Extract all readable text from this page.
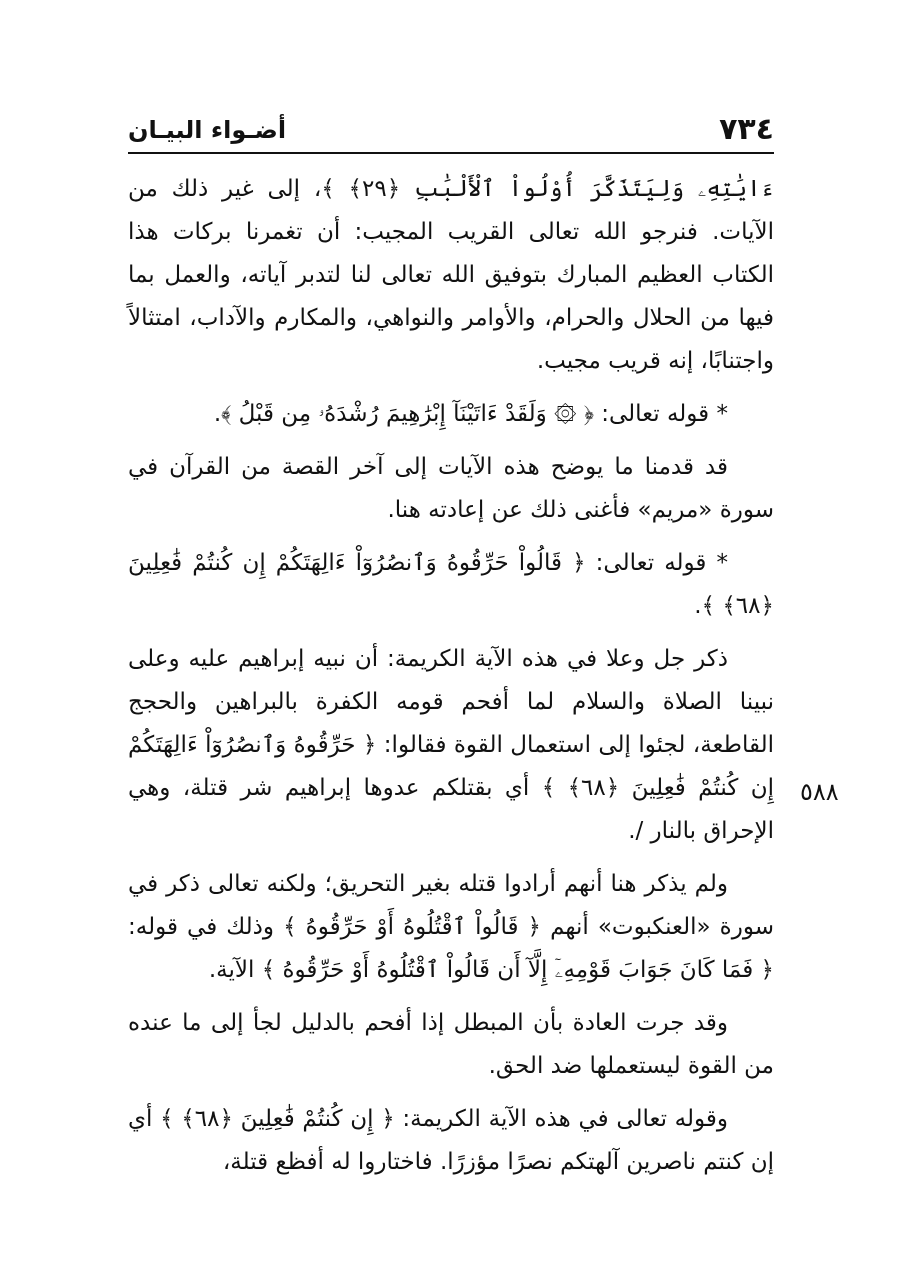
٧٣٤
أضـواء البيـان
٥٨٨

ءَايَٰتِهِۦ وَلِيَتَذَكَّرَ أُوْلُواْ ٱلْأَلْبَٰبِ ﴿٢٩﴾ ﴾، إلى غير ذلك من الآيات. فنرجو الله تعالى القريب المجيب: أن تغمرنا بركات هذا الكتاب العظيم المبارك بتوفيق الله تعالى لنا لتدبر آياته، والعمل بما فيها من الحلال والحرام، والأوامر والنواهي، والمكارم والآداب، امتثالاً واجتنابًا، إنه قريب مجيب.

* قوله تعالى: ﴿ ۞ وَلَقَدْ ءَاتَيْنَآ إِبْرَٰهِيمَ رُشْدَهُۥ مِن قَبْلُ ﴾.

قد قدمنا ما يوضح هذه الآيات إلى آخر القصة من القرآن في سورة «مريم» فأغنى ذلك عن إعادته هنا.

* قوله تعالى: ﴿ قَالُواْ حَرِّقُوهُ وَٱنصُرُوٓاْ ءَالِهَتَكُمْ إِن كُنتُمْ فَٰعِلِينَ ﴿٦٨﴾ ﴾.

ذكر جل وعلا في هذه الآية الكريمة: أن نبيه إبراهيم عليه وعلى نبينا الصلاة والسلام لما أفحم قومه الكفرة بالبراهين والحجج القاطعة، لجئوا إلى استعمال القوة فقالوا: ﴿ حَرِّقُوهُ وَٱنصُرُوٓاْ ءَالِهَتَكُمْ إِن كُنتُمْ فَٰعِلِينَ ﴿٦٨﴾ ﴾ أي بقتلكم عدوها إبراهيم شر قتلة، وهي الإحراق بالنار /.

ولم يذكر هنا أنهم أرادوا قتله بغير التحريق؛ ولكنه تعالى ذكر في سورة «العنكبوت» أنهم ﴿ قَالُواْ ٱقْتُلُوهُ أَوْ حَرِّقُوهُ ﴾ وذلك في قوله: ﴿ فَمَا كَانَ جَوَابَ قَوْمِهِۦٓ إِلَّآ أَن قَالُواْ ٱقْتُلُوهُ أَوْ حَرِّقُوهُ ﴾ الآية.

وقد جرت العادة بأن المبطل إذا أفحم بالدليل لجأ إلى ما عنده من القوة ليستعملها ضد الحق.

وقوله تعالى في هذه الآية الكريمة: ﴿ إِن كُنتُمْ فَٰعِلِينَ ﴿٦٨﴾ ﴾ أي إن كنتم ناصرين آلهتكم نصرًا مؤزرًا. فاختاروا له أفظع قتلة،
